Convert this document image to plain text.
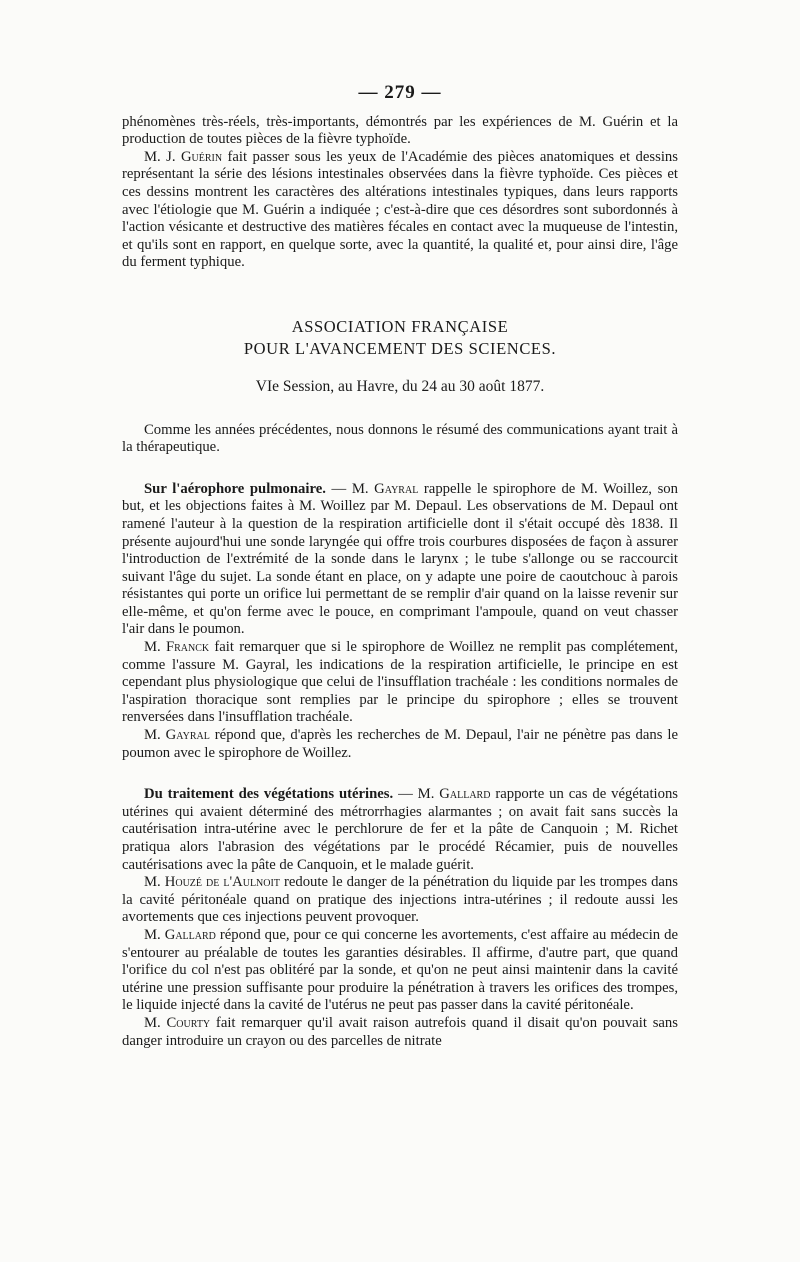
— 279 —

phénomènes très-réels, très-importants, démontrés par les expériences de M. Guérin et la production de toutes pièces de la fièvre typhoïde.

M. J. Guérin fait passer sous les yeux de l'Académie des pièces anatomiques et dessins représentant la série des lésions intestinales observées dans la fièvre typhoïde. Ces pièces et ces dessins montrent les caractères des altérations intestinales typiques, dans leurs rapports avec l'étiologie que M. Guérin a indiquée ; c'est-à-dire que ces désordres sont subordonnés à l'action vésicante et destructive des matières fécales en contact avec la muqueuse de l'intestin, et qu'ils sont en rapport, en quelque sorte, avec la quantité, la qualité et, pour ainsi dire, l'âge du ferment typhique.

ASSOCIATION FRANÇAISE
POUR L'AVANCEMENT DES SCIENCES.
VIe Session, au Havre, du 24 au 30 août 1877.

Comme les années précédentes, nous donnons le résumé des communications ayant trait à la thérapeutique.

Sur l'aérophore pulmonaire. — M. Gayral rappelle le spirophore de M. Woillez, son but, et les objections faites à M. Woillez par M. Depaul. Les observations de M. Depaul ont ramené l'auteur à la question de la respiration artificielle dont il s'était occupé dès 1838. Il présente aujourd'hui une sonde laryngée qui offre trois courbures disposées de façon à assurer l'introduction de l'extrémité de la sonde dans le larynx ; le tube s'allonge ou se raccourcit suivant l'âge du sujet. La sonde étant en place, on y adapte une poire de caoutchouc à parois résistantes qui porte un orifice lui permettant de se remplir d'air quand on la laisse revenir sur elle-même, et qu'on ferme avec le pouce, en comprimant l'ampoule, quand on veut chasser l'air dans le poumon.

M. Franck fait remarquer que si le spirophore de Woillez ne remplit pas complétement, comme l'assure M. Gayral, les indications de la respiration artificielle, le principe en est cependant plus physiologique que celui de l'insufflation trachéale : les conditions normales de l'aspiration thoracique sont remplies par le principe du spirophore ; elles se trouvent renversées dans l'insufflation trachéale.

M. Gayral répond que, d'après les recherches de M. Depaul, l'air ne pénètre pas dans le poumon avec le spirophore de Woillez.

Du traitement des végétations utérines. — M. Gallard rapporte un cas de végétations utérines qui avaient déterminé des métrorrhagies alarmantes ; on avait fait sans succès la cautérisation intra-utérine avec le perchlorure de fer et la pâte de Canquoin ; M. Richet pratiqua alors l'abrasion des végétations par le procédé Récamier, puis de nouvelles cautérisations avec la pâte de Canquoin, et le malade guérit.

M. Houzé de l'Aulnoit redoute le danger de la pénétration du liquide par les trompes dans la cavité péritonéale quand on pratique des injections intra-utérines ; il redoute aussi les avortements que ces injections peuvent provoquer.

M. Gallard répond que, pour ce qui concerne les avortements, c'est affaire au médecin de s'entourer au préalable de toutes les garanties désirables. Il affirme, d'autre part, que quand l'orifice du col n'est pas oblitéré par la sonde, et qu'on ne peut ainsi maintenir dans la cavité utérine une pression suffisante pour produire la pénétration à travers les orifices des trompes, le liquide injecté dans la cavité de l'utérus ne peut pas passer dans la cavité péritonéale.

M. Courty fait remarquer qu'il avait raison autrefois quand il disait qu'on pouvait sans danger introduire un crayon ou des parcelles de nitrate
